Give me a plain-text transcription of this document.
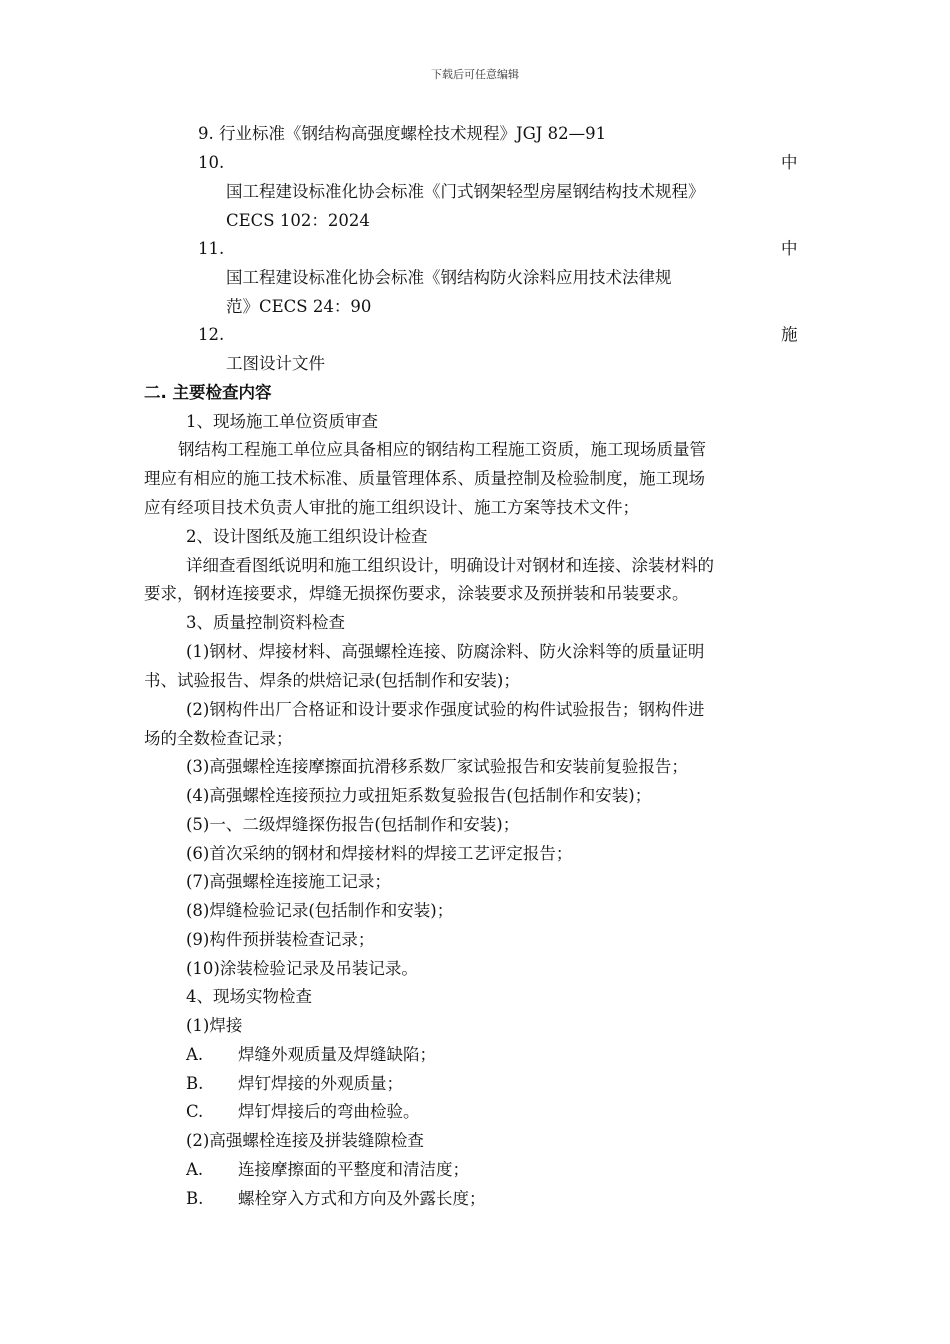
下载后可任意编辑
9. 行业标准《钢结构高强度螺栓技术规程》JGJ 82—91
10.	中
国工程建设标准化协会标准《门式钢架轻型房屋钢结构技术规程》
CECS 102：2024
11.	中
国工程建设标准化协会标准《钢结构防火涂料应用技术法律规
范》CECS 24：90
12.	施
工图设计文件
二. 主要检查内容
1、现场施工单位资质审查
钢结构工程施工单位应具备相应的钢结构工程施工资质，施工现场质量管
理应有相应的施工技术标准、质量管理体系、质量控制及检验制度，施工现场
应有经项目技术负责人审批的施工组织设计、施工方案等技术文件；
2、设计图纸及施工组织设计检查
详细查看图纸说明和施工组织设计，明确设计对钢材和连接、涂装材料的
要求，钢材连接要求，焊缝无损探伤要求，涂装要求及预拼装和吊装要求。
3、质量控制资料检查
(1)钢材、焊接材料、高强螺栓连接、防腐涂料、防火涂料等的质量证明
书、试验报告、焊条的烘焙记录(包括制作和安装)；
(2)钢构件出厂合格证和设计要求作强度试验的构件试验报告；钢构件进
场的全数检查记录；
(3)高强螺栓连接摩擦面抗滑移系数厂家试验报告和安装前复验报告；
(4)高强螺栓连接预拉力或扭矩系数复验报告(包括制作和安装)；
(5)一、二级焊缝探伤报告(包括制作和安装)；
(6)首次采纳的钢材和焊接材料的焊接工艺评定报告；
(7)高强螺栓连接施工记录；
(8)焊缝检验记录(包括制作和安装)；
(9)构件预拼装检查记录；
(10)涂装检验记录及吊装记录。
4、现场实物检查
(1)焊接
A. 焊缝外观质量及焊缝缺陷；
B. 焊钉焊接的外观质量；
C. 焊钉焊接后的弯曲检验。
(2)高强螺栓连接及拼装缝隙检查
A. 连接摩擦面的平整度和清洁度；
B. 螺栓穿入方式和方向及外露长度；
